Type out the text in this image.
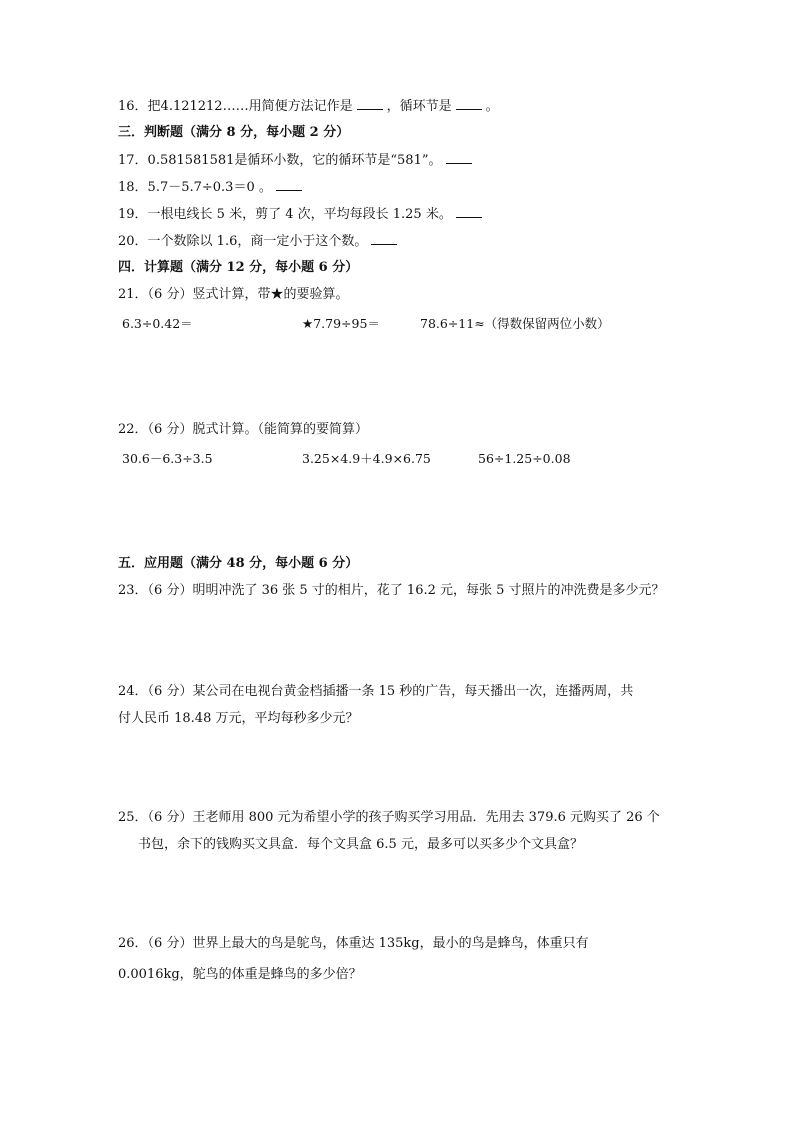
16．把4.121212……用简便方法记作是	，循环节是	。
三．判断题（满分 8 分，每小题 2 分）
17．0.581581581是循环小数，它的循环节是“581”。
18．5.7－5.7÷0.3＝0 。
19．一根电线长 5 米，剪了 4 次，平均每段长 1.25 米。
20．一个数除以 1.6，商一定小于这个数。
四．计算题（满分 12 分，每小题 6 分）
21．（6 分）竖式计算，带★的要验算。
6.3÷0.42＝	★7.79÷95＝	78.6÷11≈（得数保留两位小数）
22．（6 分）脱式计算。（能简算的要简算）
30.6－6.3÷3.5	3.25×4.9＋4.9×6.75	56÷1.25÷0.08
五．应用题（满分 48 分，每小题 6 分）
23．（6 分）明明冲洗了 36 张 5 寸的相片，花了 16.2 元，每张 5 寸照片的冲洗费是多少元？
24．（6 分）某公司在电视台黄金档插播一条 15 秒的广告，每天播出一次，连播两周，共
付人民币 18.48 万元，平均每秒多少元？
25．（6 分）王老师用 800 元为希望小学的孩子购买学习用品．先用去 379.6 元购买了 26 个
书包，余下的钱购买文具盒．每个文具盒 6.5 元，最多可以买多少个文具盒？
26．（6 分）世界上最大的鸟是鸵鸟，体重达 135kg，最小的鸟是蜂鸟，体重只有
0.0016kg，鸵鸟的体重是蜂鸟的多少倍？
